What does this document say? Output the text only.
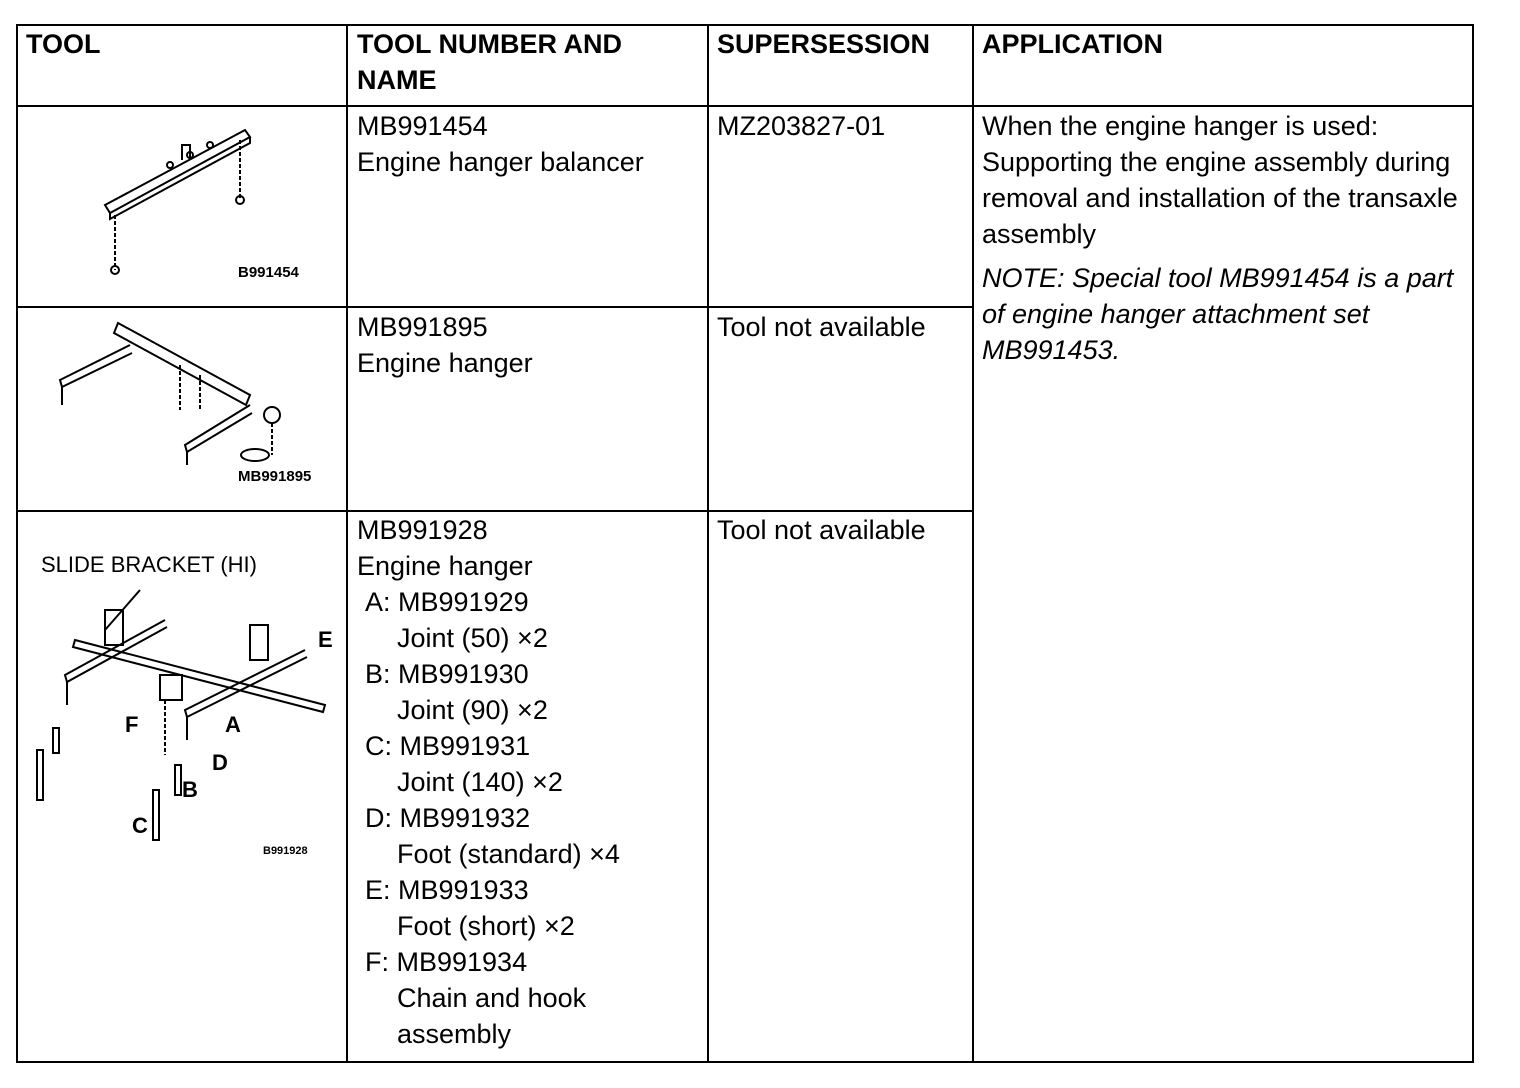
TOOL	TOOL NUMBER AND NAME
SUPERSESSION APPLICATION
B991454
MB991454
Engine hanger balancer
MZ203827-01
MB991895
MB991895
Engine hanger
Tool not available
SLIDE BRACKET (HI)
E
A
F
D
B
C
B991928
MB991928
Engine hanger
A: MB991929
Joint (50) ×2
B: MB991930
Joint (90) ×2
C: MB991931
Joint (140) ×2
D: MB991932
Foot (standard) ×4
E: MB991933
Foot (short) ×2
F: MB991934
Chain and hook assembly
Tool not available
When the engine hanger is used: Supporting the engine assembly during removal and installation of the transaxle assembly
NOTE: Special tool MB991454 is a part of engine hanger attachment set MB991453.
